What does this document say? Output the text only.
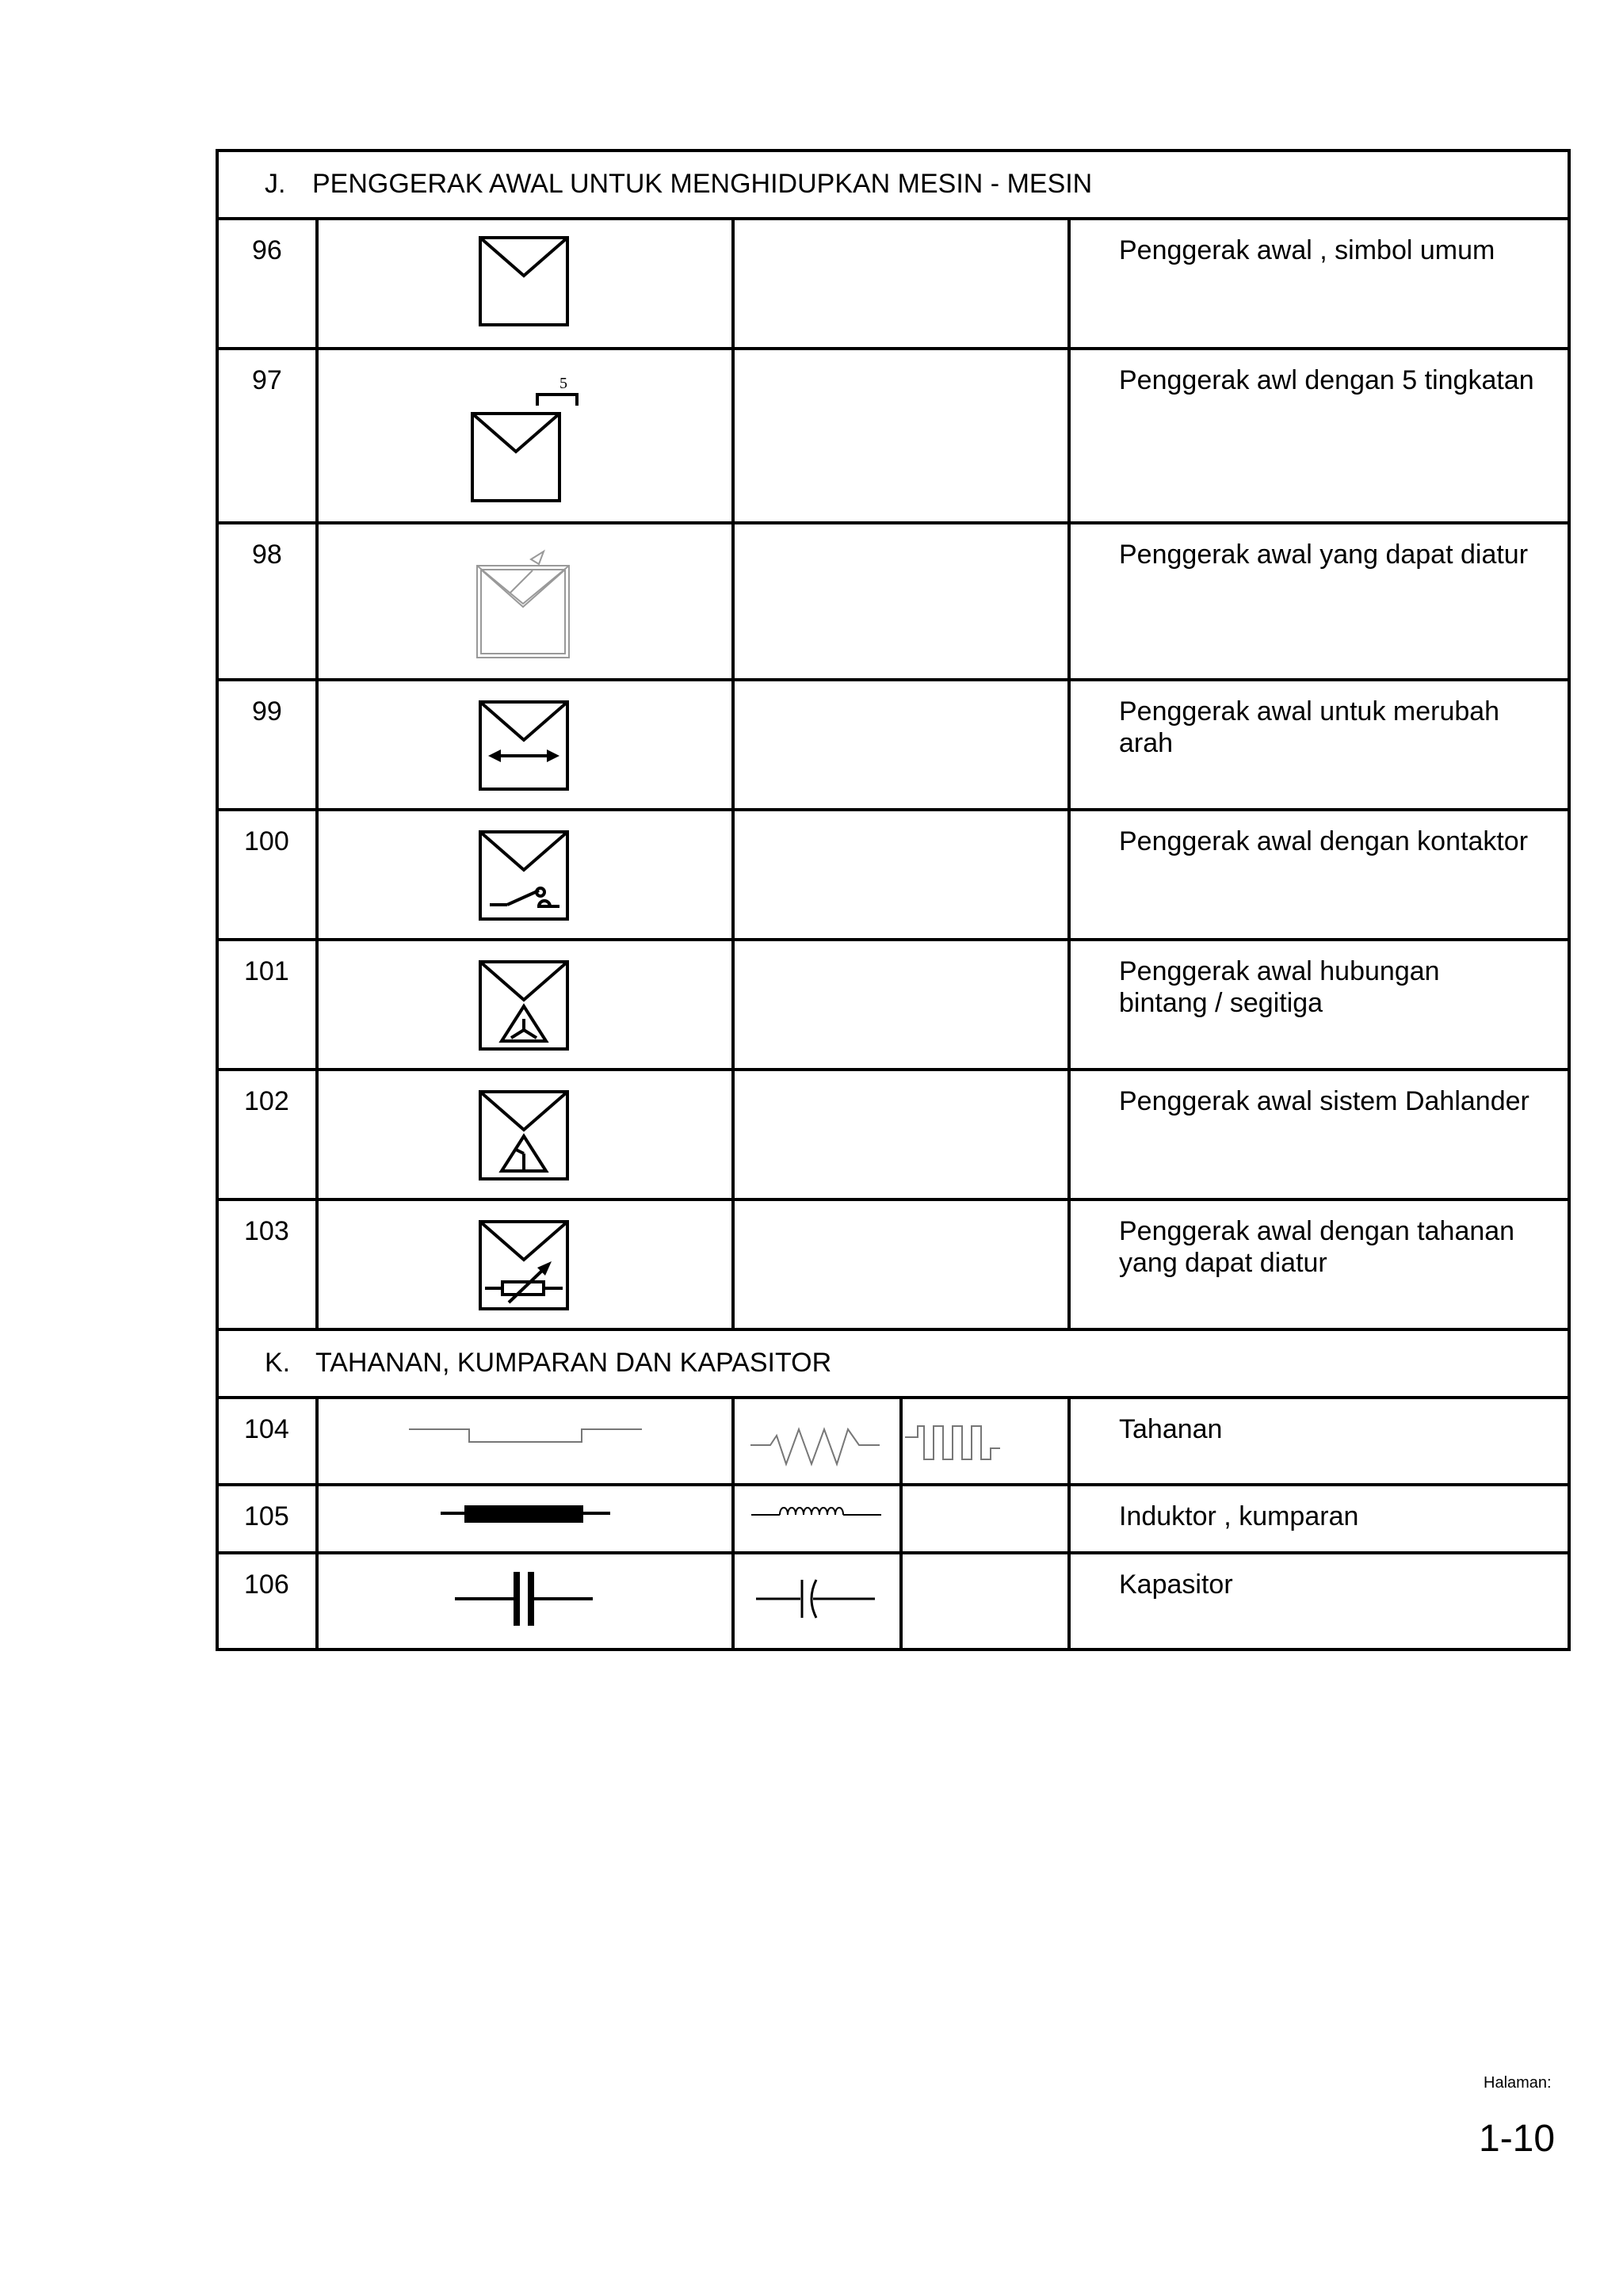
J. PENGGERAK AWAL UNTUK MENGHIDUPKAN MESIN - MESIN
K. TAHANAN, KUMPARAN DAN KAPASITOR
96
97
98
99
100
101
102
103
104
105
106
Penggerak awal , simbol umum
Penggerak awl dengan 5 tingkatan
Penggerak awal yang dapat diatur
Penggerak awal untuk merubah arah
Penggerak awal dengan kontaktor
Penggerak awal hubungan bintang / segitiga
Penggerak awal sistem Dahlander
Penggerak awal dengan tahanan yang dapat diatur
Tahanan
Induktor , kumparan
Kapasitor
5
Halaman:
1-10
